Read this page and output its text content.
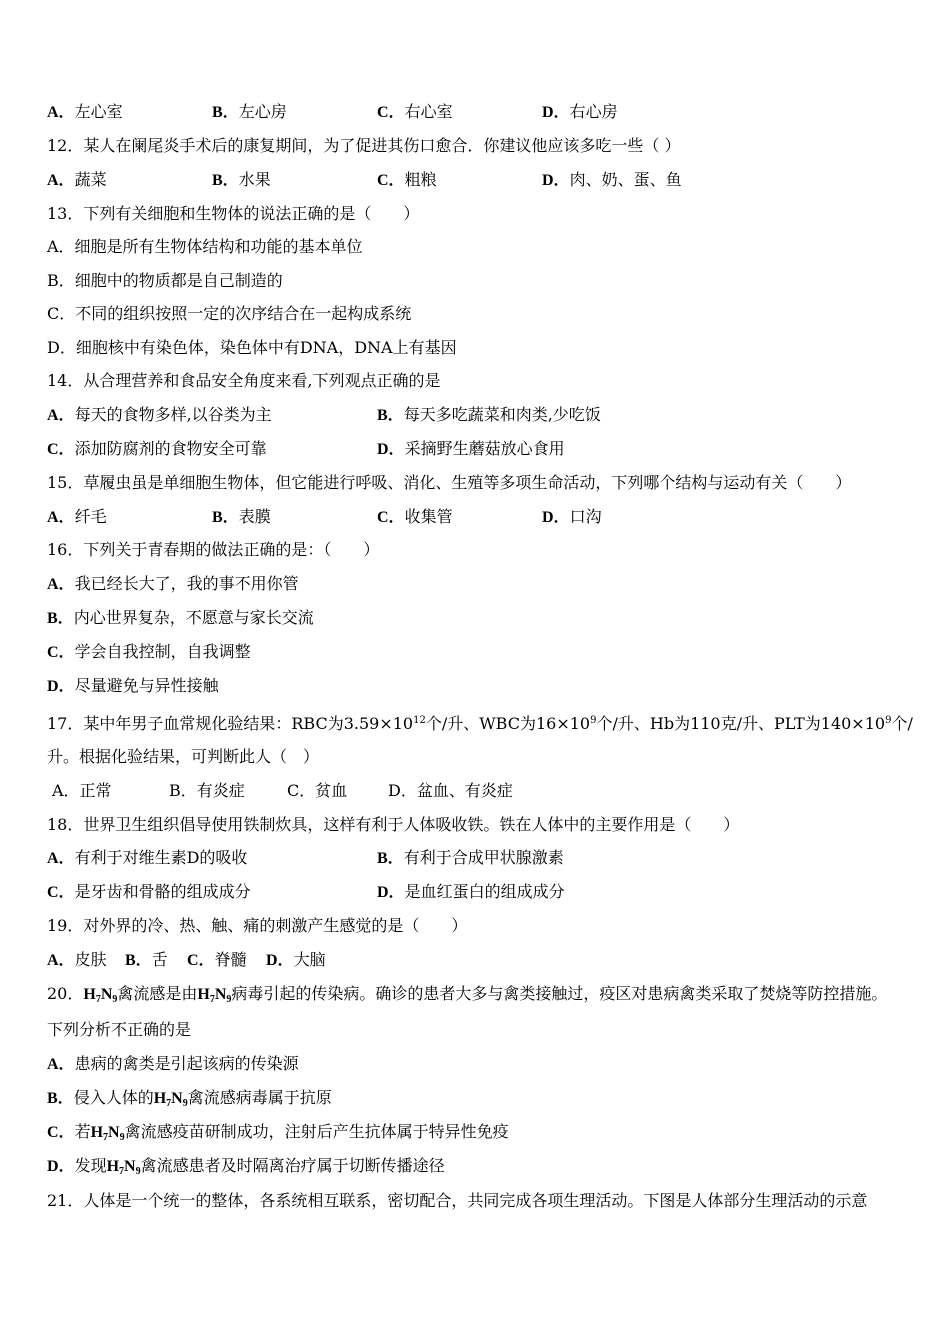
A．左心室	B．左心房	C．右心室	D．右心房
12．某人在阑尾炎手术后的康复期间，为了促进其伤口愈合．你建议他应该多吃一些（ ）
A．蔬菜	B．水果	C．粗粮	D．肉、奶、蛋、鱼
13．下列有关细胞和生物体的说法正确的是（　　）
A．细胞是所有生物体结构和功能的基本单位
B．细胞中的物质都是自己制造的
C．不同的组织按照一定的次序结合在一起构成系统
D．细胞核中有染色体，染色体中有DNA，DNA上有基因
14．从合理营养和食品安全角度来看,下列观点正确的是
A．每天的食物多样,以谷类为主	B．每天多吃蔬菜和肉类,少吃饭
C．添加防腐剂的食物安全可靠	D．采摘野生蘑菇放心食用
15．草履虫虽是单细胞生物体，但它能进行呼吸、消化、生殖等多项生命活动，下列哪个结构与运动有关（　　）
A．纤毛	B．表膜	C．收集管	D．口沟
16．下列关于青春期的做法正确的是：（　　）
A．我已经长大了，我的事不用你管
B．内心世界复杂，不愿意与家长交流
C．学会自我控制，自我调整
D．尽量避免与异性接触
17．某中年男子血常规化验结果：RBC为$3.59\times 10^{12}$个/升、WBC为$16\times 10^9$个/升、Hb为110克/升、PLT为$140\times 10^9$个/
升。根据化验结果，可判断此人（　）
A．正常	B．有炎症	C．贫血	D．盆血、有炎症
18．世界卫生组织倡导使用铁制炊具，这样有利于人体吸收铁。铁在人体中的主要作用是（　　）
A．有利于对维生素D的吸收	B．有利于合成甲状腺激素
C．是牙齿和骨骼的组成成分	D．是血红蛋白的组成成分
19．对外界的冷、热、触、痛的刺激产生感觉的是（　　）
A．皮肤 B．舌 C．脊髓 D．大脑
20．$H_7N_9$禽流感是由$H_7N_9$病毒引起的传染病。确诊的患者大多与禽类接触过，疫区对患病禽类采取了焚烧等防控措施。
下列分析不正确的是
A．患病的禽类是引起该病的传染源
B．侵入人体的$H_7N_9$禽流感病毒属于抗原
C．若$H_7N_9$禽流感疫苗研制成功，注射后产生抗体属于特异性免疫
D．发现$H_7N_9$禽流感患者及时隔离治疗属于切断传播途径
21．人体是一个统一的整体，各系统相互联系，密切配合，共同完成各项生理活动。下图是人体部分生理活动的示意
